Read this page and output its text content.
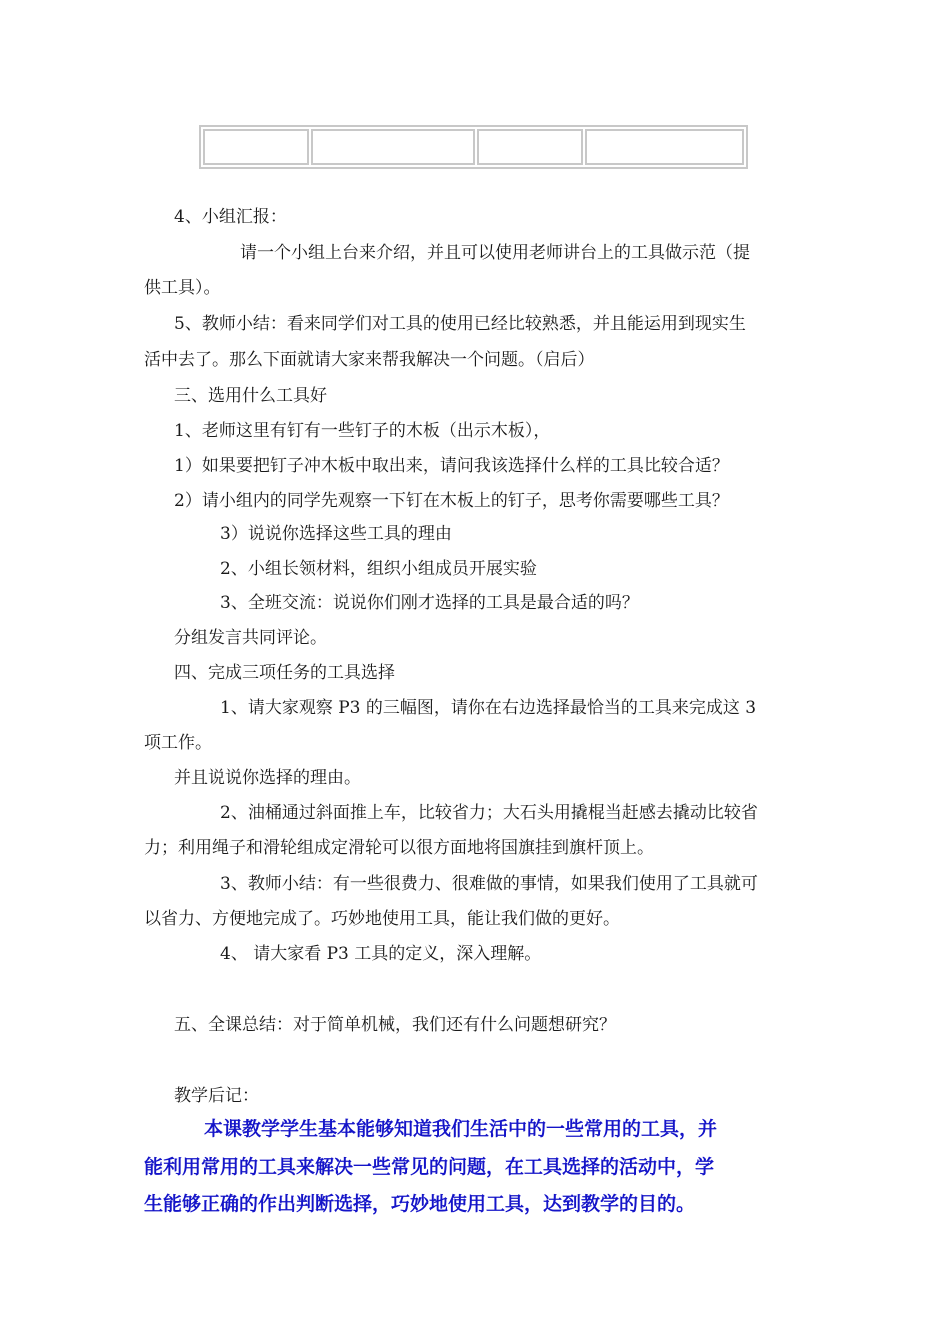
4、小组汇报：

请一个小组上台来介绍，并且可以使用老师讲台上的工具做示范（提

供工具）。

5、教师小结：看来同学们对工具的使用已经比较熟悉，并且能运用到现实生

活中去了。那么下面就请大家来帮我解决一个问题。（启后）

三、选用什么工具好

1、老师这里有钉有一些钉子的木板（出示木板），

1）如果要把钉子冲木板中取出来，请问我该选择什么样的工具比较合适？

2）请小组内的同学先观察一下钉在木板上的钉子，思考你需要哪些工具？

3）说说你选择这些工具的理由

2、小组长领材料，组织小组成员开展实验

3、全班交流：说说你们刚才选择的工具是最合适的吗？

分组发言共同评论。

四、完成三项任务的工具选择

1、请大家观察 P3 的三幅图，请你在右边选择最恰当的工具来完成这 3

项工作。

并且说说你选择的理由。

2、油桶通过斜面推上车，比较省力；大石头用撬棍当赶感去撬动比较省

力；利用绳子和滑轮组成定滑轮可以很方面地将国旗挂到旗杆顶上。

3、教师小结：有一些很费力、很难做的事情，如果我们使用了工具就可

以省力、方便地完成了。巧妙地使用工具，能让我们做的更好。

4、 请大家看 P3 工具的定义，深入理解。

五、全课总结：对于简单机械，我们还有什么问题想研究？

教学后记：

本课教学学生基本能够知道我们生活中的一些常用的工具，并

能利用常用的工具来解决一些常见的问题，在工具选择的活动中，学

生能够正确的作出判断选择，巧妙地使用工具，达到教学的目的。
